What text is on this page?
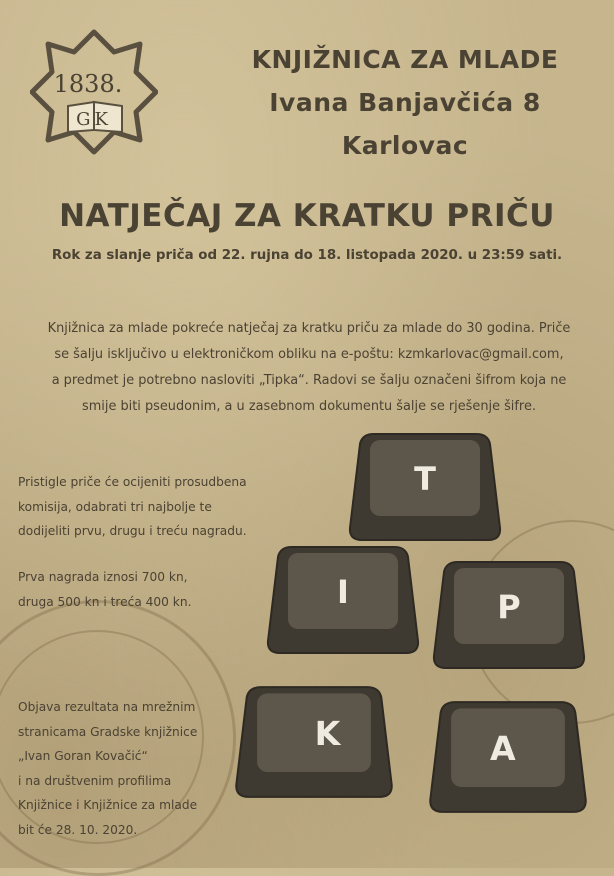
1838.
GK
KNJIŽNICA ZA MLADE
Ivana Banjavčića 8
Karlovac
NATJEČAJ ZA KRATKU PRIČU
Rok za slanje priča od 22. rujna do 18. listopada 2020. u 23:59 sati.
Knjižnica za mlade pokreće natječaj za kratku priču za mlade do 30 godina. Priče
se šalju isključivo u elektroničkom obliku na e-poštu: kzmkarlovac@gmail.com,
a predmet je potrebno nasloviti „Tipka“. Radovi se šalju označeni šifrom koja ne
smije biti pseudonim, a u zasebnom dokumentu šalje se rješenje šifre.
Pristigle priče će ocijeniti prosudbena
komisija, odabrati tri najbolje te
dodijeliti prvu, drugu i treću nagradu.
Prva nagrada iznosi 700 kn,
druga 500 kn i treća 400 kn.
Objava rezultata na mrežnim
stranicama Gradske knjižnice
„Ivan Goran Kovačić“
i na društvenim profilima
Knjižnice i Knjižnice za mlade
bit će 28. 10. 2020.
T
I	P
K	A
